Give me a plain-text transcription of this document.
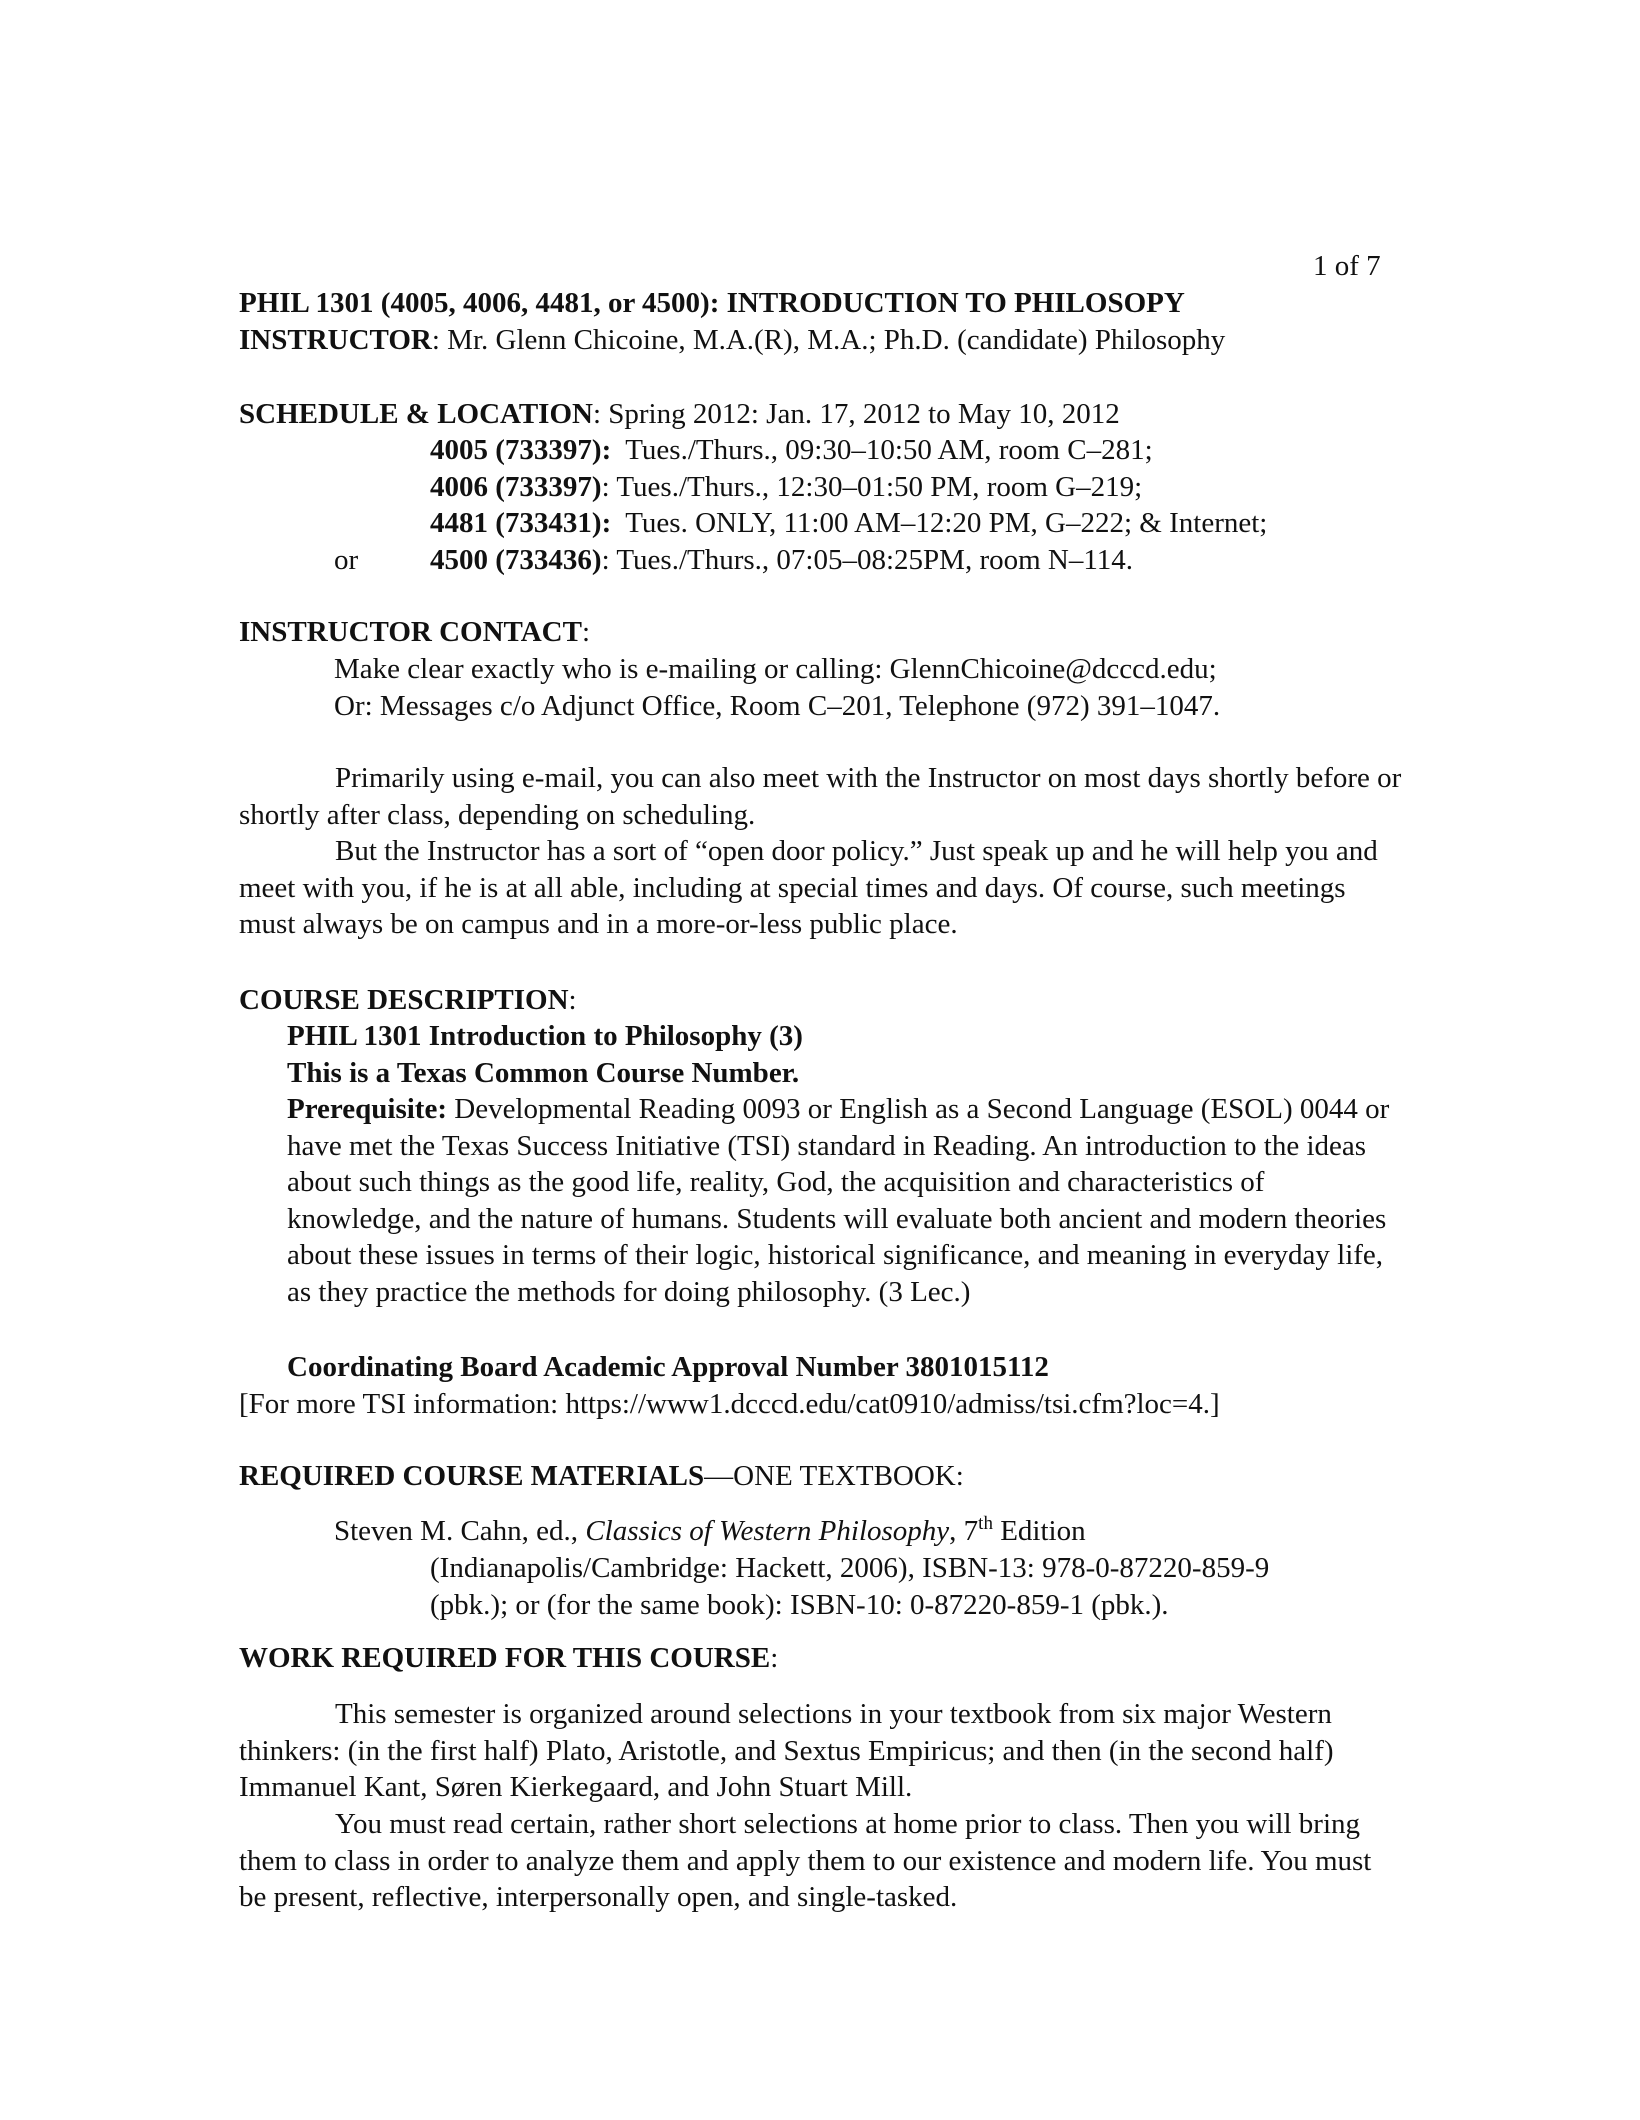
1 of 7
PHIL 1301 (4005, 4006, 4481, or 4500): INTRODUCTION TO PHILOSOPY
INSTRUCTOR: Mr. Glenn Chicoine, M.A.(R), M.A.; Ph.D. (candidate) Philosophy
SCHEDULE & LOCATION: Spring 2012: Jan. 17, 2012 to May 10, 2012
4005 (733397): Tues./Thurs., 09:30–10:50 AM, room C–281;
4006 (733397): Tues./Thurs., 12:30–01:50 PM, room G–219;
4481 (733431): Tues. ONLY, 11:00 AM–12:20 PM, G–222; & Internet;
or 4500 (733436): Tues./Thurs., 07:05–08:25PM, room N–114.
INSTRUCTOR CONTACT:
Make clear exactly who is e-mailing or calling: GlennChicoine@dcccd.edu;
Or: Messages c/o Adjunct Office, Room C–201, Telephone (972) 391–1047.
Primarily using e-mail, you can also meet with the Instructor on most days shortly before or shortly after class, depending on scheduling.
But the Instructor has a sort of “open door policy.” Just speak up and he will help you and meet with you, if he is at all able, including at special times and days. Of course, such meetings must always be on campus and in a more-or-less public place.
COURSE DESCRIPTION:
PHIL 1301 Introduction to Philosophy (3)
This is a Texas Common Course Number.
Prerequisite: Developmental Reading 0093 or English as a Second Language (ESOL) 0044 or have met the Texas Success Initiative (TSI) standard in Reading. An introduction to the ideas about such things as the good life, reality, God, the acquisition and characteristics of knowledge, and the nature of humans. Students will evaluate both ancient and modern theories about these issues in terms of their logic, historical significance, and meaning in everyday life, as they practice the methods for doing philosophy. (3 Lec.)
Coordinating Board Academic Approval Number 3801015112
[For more TSI information: https://www1.dcccd.edu/cat0910/admiss/tsi.cfm?loc=4.]
REQUIRED COURSE MATERIALS—ONE TEXTBOOK:
Steven M. Cahn, ed., Classics of Western Philosophy, 7th Edition
(Indianapolis/Cambridge: Hackett, 2006), ISBN-13: 978-0-87220-859-9
(pbk.); or (for the same book): ISBN-10: 0-87220-859-1 (pbk.).
WORK REQUIRED FOR THIS COURSE:
This semester is organized around selections in your textbook from six major Western thinkers: (in the first half) Plato, Aristotle, and Sextus Empiricus; and then (in the second half) Immanuel Kant, Søren Kierkegaard, and John Stuart Mill.
You must read certain, rather short selections at home prior to class. Then you will bring them to class in order to analyze them and apply them to our existence and modern life. You must be present, reflective, interpersonally open, and single-tasked.
